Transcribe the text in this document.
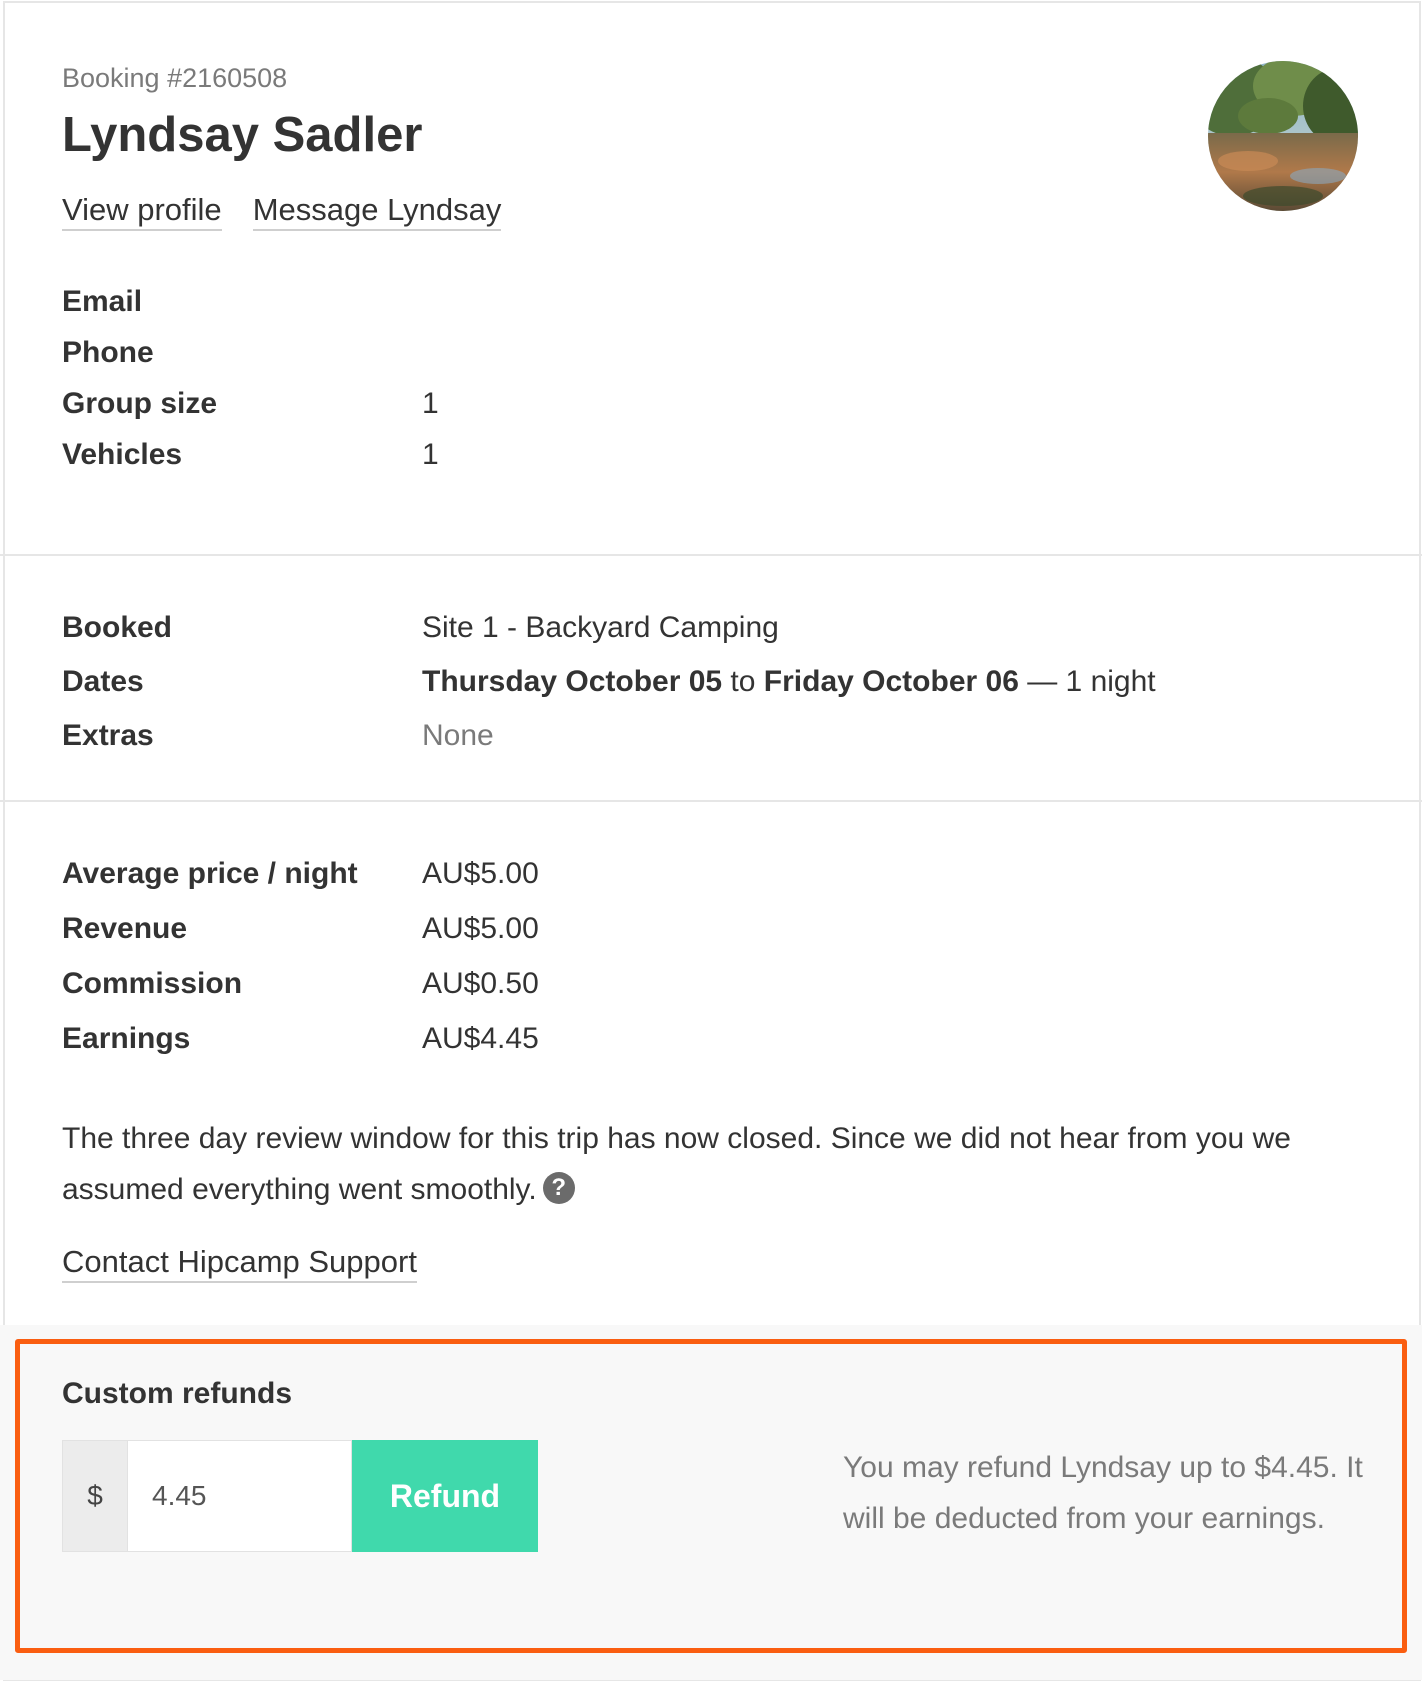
Booking #2160508

Lyndsay Sadler
View profile Message Lyndsay
Email
Phone
Group size	1
Vehicles	1
Booked	Site 1 - Backyard Camping
Dates	Thursday October 05 to Friday October 06 — 1 night
Extras	None
Average price / night AU$5.00
Revenue	AU$5.00
Commission	AU$0.50
Earnings	AU$4.45

The three day review window for this trip has now closed. Since we did not hear from you we assumed everything went smoothly. ?

Contact Hipcamp Support
Custom refunds
$
4.45	Refund

You may refund Lyndsay up to $4.45. It will be deducted from your earnings.
